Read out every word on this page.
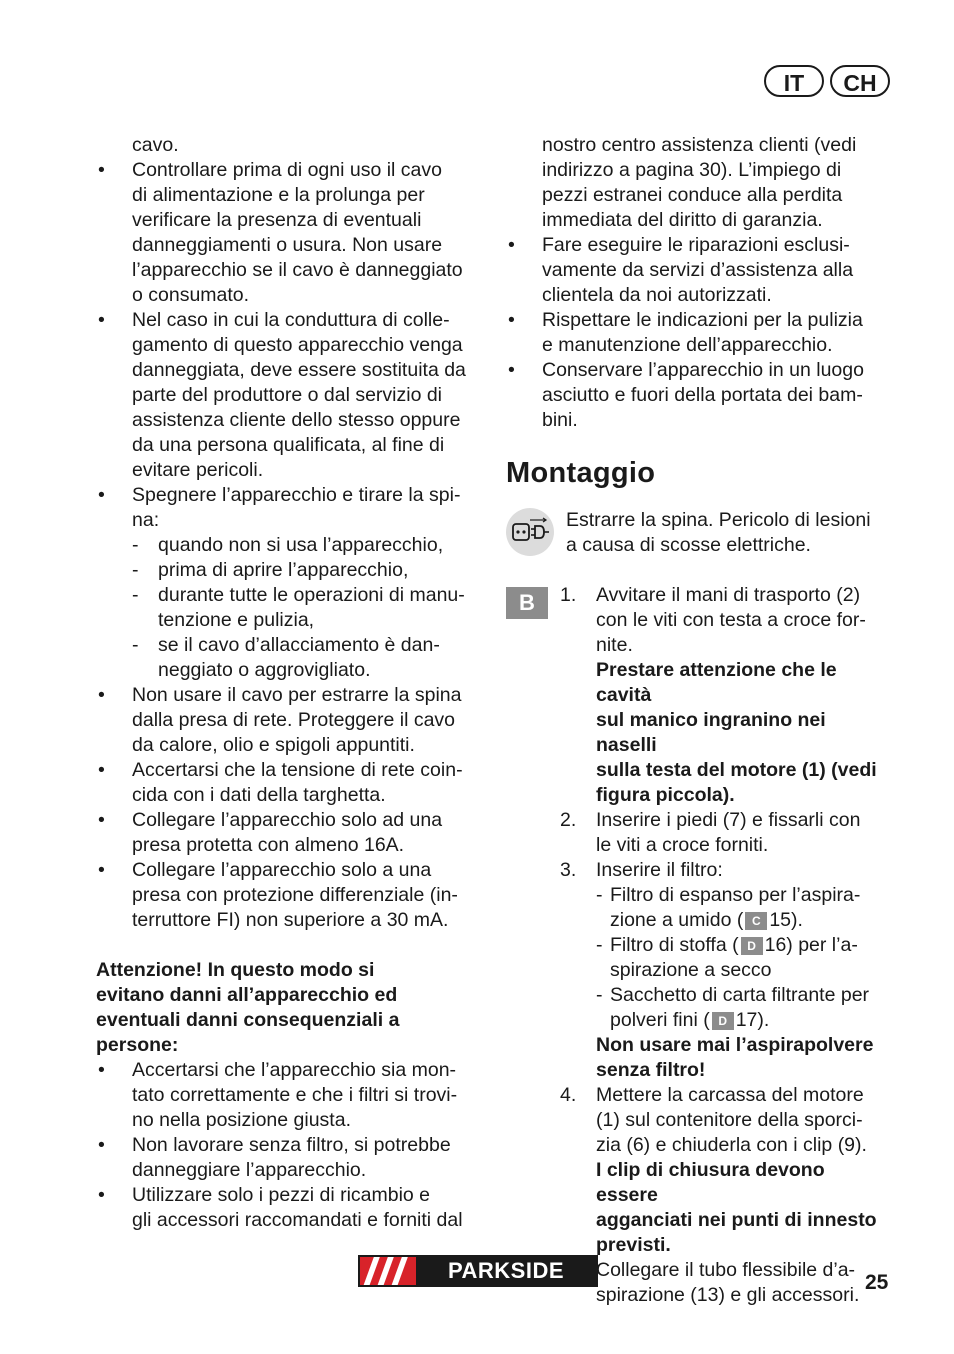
IT	CH

cavo.

• Controllare prima di ogni uso il cavo
di alimentazione e la prolunga per
verificare la presenza di eventuali
danneggiamenti o usura. Non usare
l’apparecchio se il cavo è danneggiato
o consumato.
• Nel caso in cui la conduttura di colle-
gamento di questo apparecchio venga
danneggiata, deve essere sostituita da
parte del produttore o dal servizio di
assistenza cliente dello stesso oppure
da una persona qualificata, al fine di
evitare pericoli.
• Spegnere l’apparecchio e tirare la spi-
na:
- quando non si usa l’apparecchio,
- prima di aprire l’apparecchio,
- durante tutte le operazioni di manu-
tenzione e pulizia,
- se il cavo d’allacciamento è dan-
neggiato o aggrovigliato.
• Non usare il cavo per estrarre la spina
dalla presa di rete. Proteggere il cavo
da calore, olio e spigoli appuntiti.
• Accertarsi che la tensione di rete coin-
cida con i dati della targhetta.
• Collegare l’apparecchio solo ad una
presa protetta con almeno 16A.
• Collegare l’apparecchio solo a una
presa con protezione differenziale (in-
terruttore FI) non superiore a 30 mA.
Attenzione! In questo modo si
evitano danni all’apparecchio ed
eventuali danni consequenziali a
persone:
• Accertarsi che l’apparecchio sia mon-
tato correttamente e che i filtri si trovi-
no nella posizione giusta.
• Non lavorare senza filtro, si potrebbe
danneggiare l’apparecchio.
• Utilizzare solo i pezzi di ricambio e
gli accessori raccomandati e forniti dal
nostro centro assistenza clienti (vedi
indirizzo a pagina 30). L’impiego di
pezzi estranei conduce alla perdita
immediata del diritto di garanzia.
• Fare eseguire le riparazioni esclusi-
vamente da servizi d’assistenza alla
clientela da noi autorizzati.
• Rispettare le indicazioni per la pulizia
e manutenzione dell’apparecchio.
• Conservare l’apparecchio in un luogo
asciutto e fuori della portata dei bam-
bini.
Montaggio
Estrarre la spina. Pericolo di lesioni
a causa di scosse elettriche.
B	1. Avvitare il mani di trasporto (2)
con le viti con testa a croce for-
nite.
Prestare attenzione che le cavità
sul manico ingranino nei naselli
sulla testa del motore (1) (vedi
figura piccola).
2. Inserire i piedi (7) e fissarli con
le viti a croce forniti.
3. Inserire il filtro:
- Filtro di espanso per l’aspira-
zione a umido ( C 15).
- Filtro di stoffa ( D 16) per l’a-
spirazione a secco
- Sacchetto di carta filtrante per
polveri fini ( D 17).
Non usare mai l’aspirapolvere
senza filtro!
4. Mettere la carcassa del motore
(1) sul contenitore della sporci-
zia (6) e chiuderla con i clip (9).
I clip di chiusura devono essere
agganciati nei punti di innesto
previsti.
Collegare il tubo flessibile d’a-
spirazione (13) e gli accessori.
PARKSIDE	25
